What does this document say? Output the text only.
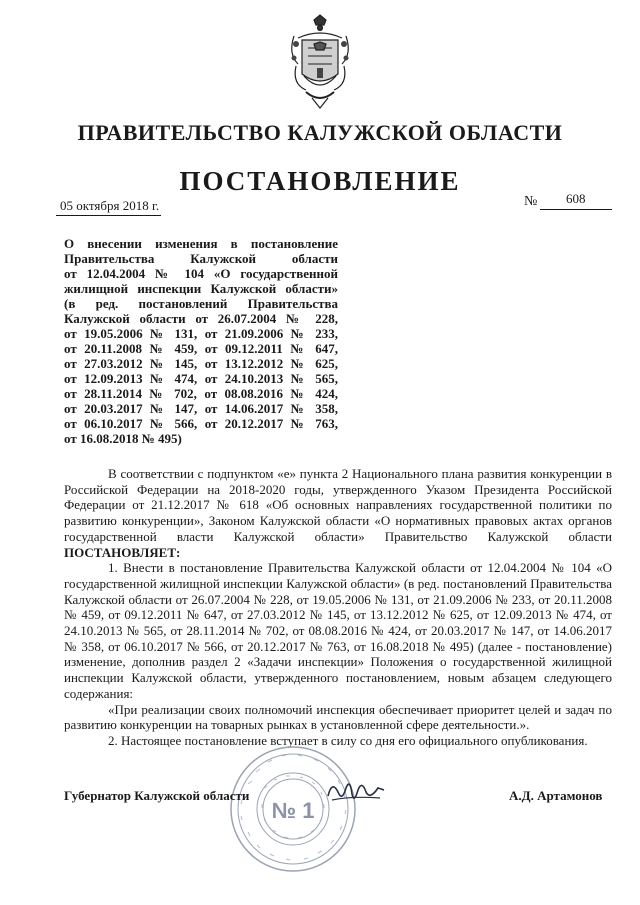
ПРАВИТЕЛЬСТВО КАЛУЖСКОЙ ОБЛАСТИ
ПОСТАНОВЛЕНИЕ
05 октября 2018 г.	№ 608
О внесении изменения в постановление
Правительства Калужской области
от 12.04.2004 № 104 «О государственной
жилищной инспекции Калужской области»
(в ред. постановлений Правительства
Калужской области от 26.07.2004 № 228,
от 19.05.2006 № 131, от 21.09.2006 № 233,
от 20.11.2008 № 459, от 09.12.2011 № 647,
от 27.03.2012 № 145, от 13.12.2012 № 625,
от 12.09.2013 № 474, от 24.10.2013 № 565,
от 28.11.2014 № 702, от 08.08.2016 № 424,
от 20.03.2017 № 147, от 14.06.2017 № 358,
от 06.10.2017 № 566, от 20.12.2017 № 763,
от 16.08.2018 № 495)

В соответствии с подпунктом «е» пункта 2 Национального плана развития конкуренции в Российской Федерации на 2018-2020 годы, утвержденного Указом Президента Российской Федерации от 21.12.2017 № 618 «Об основных направлениях государственной политики по развитию конкуренции», Законом Калужской области «О нормативных правовых актах органов государственной власти Калужской области» Правительство Калужской области ПОСТАНОВЛЯЕТ:

1. Внести в постановление Правительства Калужской области от 12.04.2004 № 104 «О государственной жилищной инспекции Калужской области» (в ред. постановлений Правительства Калужской области от 26.07.2004 № 228, от 19.05.2006 № 131, от 21.09.2006 № 233, от 20.11.2008 № 459, от 09.12.2011 № 647, от 27.03.2012 № 145, от 13.12.2012 № 625, от 12.09.2013 № 474, от 24.10.2013 № 565, от 28.11.2014 № 702, от 08.08.2016 № 424, от 20.03.2017 № 147, от 14.06.2017 № 358, от 06.10.2017 № 566, от 20.12.2017 № 763, от 16.08.2018 № 495) (далее - постановление) изменение, дополнив раздел 2 «Задачи инспекции» Положения о государственной жилищной инспекции Калужской области, утвержденного постановлением, новым абзацем следующего содержания:

«При реализации своих полномочий инспекция обеспечивает приоритет целей и задач по развитию конкуренции на товарных рынках в установленной сфере деятельности.».

2. Настоящее постановление вступает в силу со дня его официального опубликования.

№ 1
Губернатор Калужской области	А.Д. Артамонов
